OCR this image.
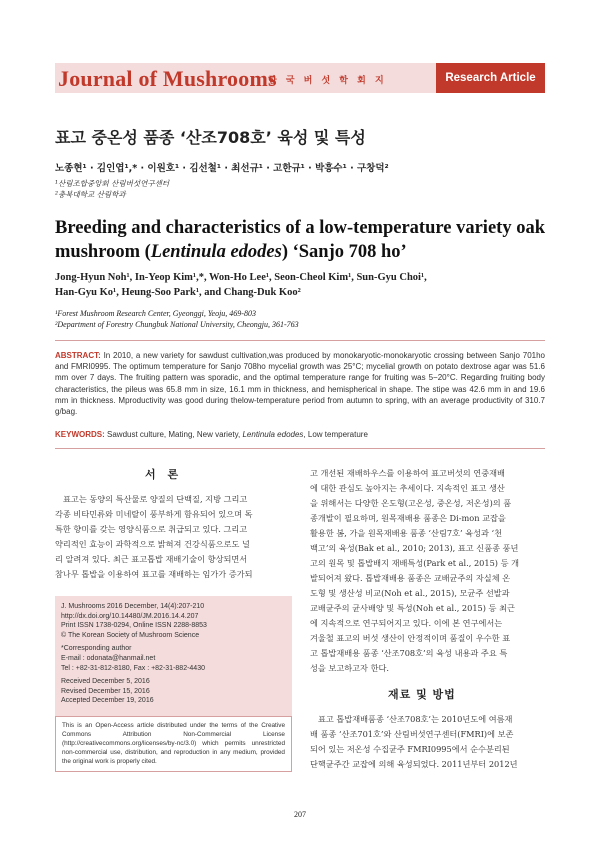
Journal of Mushrooms
한 국 버 섯 학 회 지	Research Article
표고 중온성 품종 ‘산조708호’ 육성 및 특성
노종현¹ · 김인엽¹,* · 이원호¹ · 김선철¹ · 최선규¹ · 고한규¹ · 박흥수¹ · 구창덕²
¹산림조합중앙회 산림버섯연구센터
²충북대학교 산림학과
Breeding and characteristics of a low-temperature variety oak mushroom (Lentinula edodes) ‘Sanjo 708 ho’
Jong-Hyun Noh¹, In-Yeop Kim¹,*, Won-Ho Lee¹, Seon-Cheol Kim¹, Sun-Gyu Choi¹,
Han-Gyu Ko¹, Heung-Soo Park¹, and Chang-Duk Koo²
¹Forest Mushroom Research Center, Gyeonggi, Yeoju, 469-803
²Department of Forestry Chungbuk National University, Cheongju, 361-763
ABSTRACT: In 2010, a new variety for sawdust cultivation,was produced by monokaryotic-monokaryotic crossing between Sanjo 701ho and FMRI0995. The optimum temperature for Sanjo 708ho mycelial growth was 25°C; mycelial growth on potato dextrose agar was 51.6 mm over 7 days. The fruiting pattern was sporadic, and the optimal temperature range for fruiting was 5−20°C. Regarding fruiting body characteristics, the pileus was 65.8 mm in size, 16.1 mm in thickness, and hemispherical in shape. The stipe was 42.6 mm in and 19.6 mm in thickness. Mproductivity was good during thelow-temperature period from autumn to spring, with an average productivity of 310.7 g/bag.
KEYWORDS: Sawdust culture, Mating, New variety, Lentinula edodes, Low temperature
서 론
표고는 동양의 특산물로 양질의 단백질, 지방 그리고
각종 비타민류와 미네랄이 풍부하게 함유되어 있으며 독
특한 향미를 갖는 영양식품으로 취급되고 있다. 그리고
약리적인 효능이 과학적으로 밝혀져 건강식품으로도 널
리 알려져 있다. 최근 표고톱밥 재배기술이 향상되면서
참나무 톱밥을 이용하여 표고를 재배하는 임가가 증가되
J. Mushrooms 2016 December, 14(4):207-210
http://dx.doi.org/10.14480/JM.2016.14.4.207
Print ISSN 1738-0294, Online ISSN 2288-8853
© The Korean Society of Mushroom Science
*Corresponding author
E-mail : odonata@hanmail.net
Tel : +82-31-812-8180, Fax : +82-31-882-4430
Received December 5, 2016
Revised December 15, 2016
Accepted December 19, 2016
This is an Open-Access article distributed under the terms of the Creative Commons Attribution Non-Commercial License (http://creativecommons.org/licenses/by-nc/3.0) which permits unrestricted non-commercial use, distribution, and reproduction in any medium, provided the original work is properly cited.
고 개선된 재배하우스를 이용하여 표고버섯의 연중재배
에 대한 관심도 높아지는 추세이다. 지속적인 표고 생산
을 위해서는 다양한 온도형(고온성, 중온성, 저온성)의 품
종개발이 필요하며, 원목재배용 품종은 Di-mon 교잡을
활용한 봄, 가을 원목재배용 품종 ‘산림7호’ 육성과 ‘천
백고’의 육성(Bak et al., 2010; 2013), 표고 신품종 풍년
고의 원목 및 톱밥배지 재배특성(Park et al., 2015) 등 개
발되어져 왔다. 톱밥재배용 품종은 교배균주의 자실체 온
도형 및 생산성 비교(Noh et al., 2015), 모균주 선발과
교배균주의 균사배양 및 특성(Noh et al., 2015) 등 최근
에 지속적으로 연구되어지고 있다. 이에 본 연구에서는
겨울철 표고의 버섯 생산이 안정적이며 품질이 우수한 표
고 톱밥재배용 품종 ‘산조708호’의 육성 내용과 주요 특
성을 보고하고자 한다.
재료 및 방법
표고 톱밥재배품종 ‘산조708호’는 2010년도에 여름재
배 품종 ‘산조701호’와 산림버섯연구센터(FMRI)에 보존
되어 있는 저온성 수집균주 FMRI0995에서 순수분리된
단핵균주간 교잡에 의해 육성되었다. 2011년부터 2012년
207
